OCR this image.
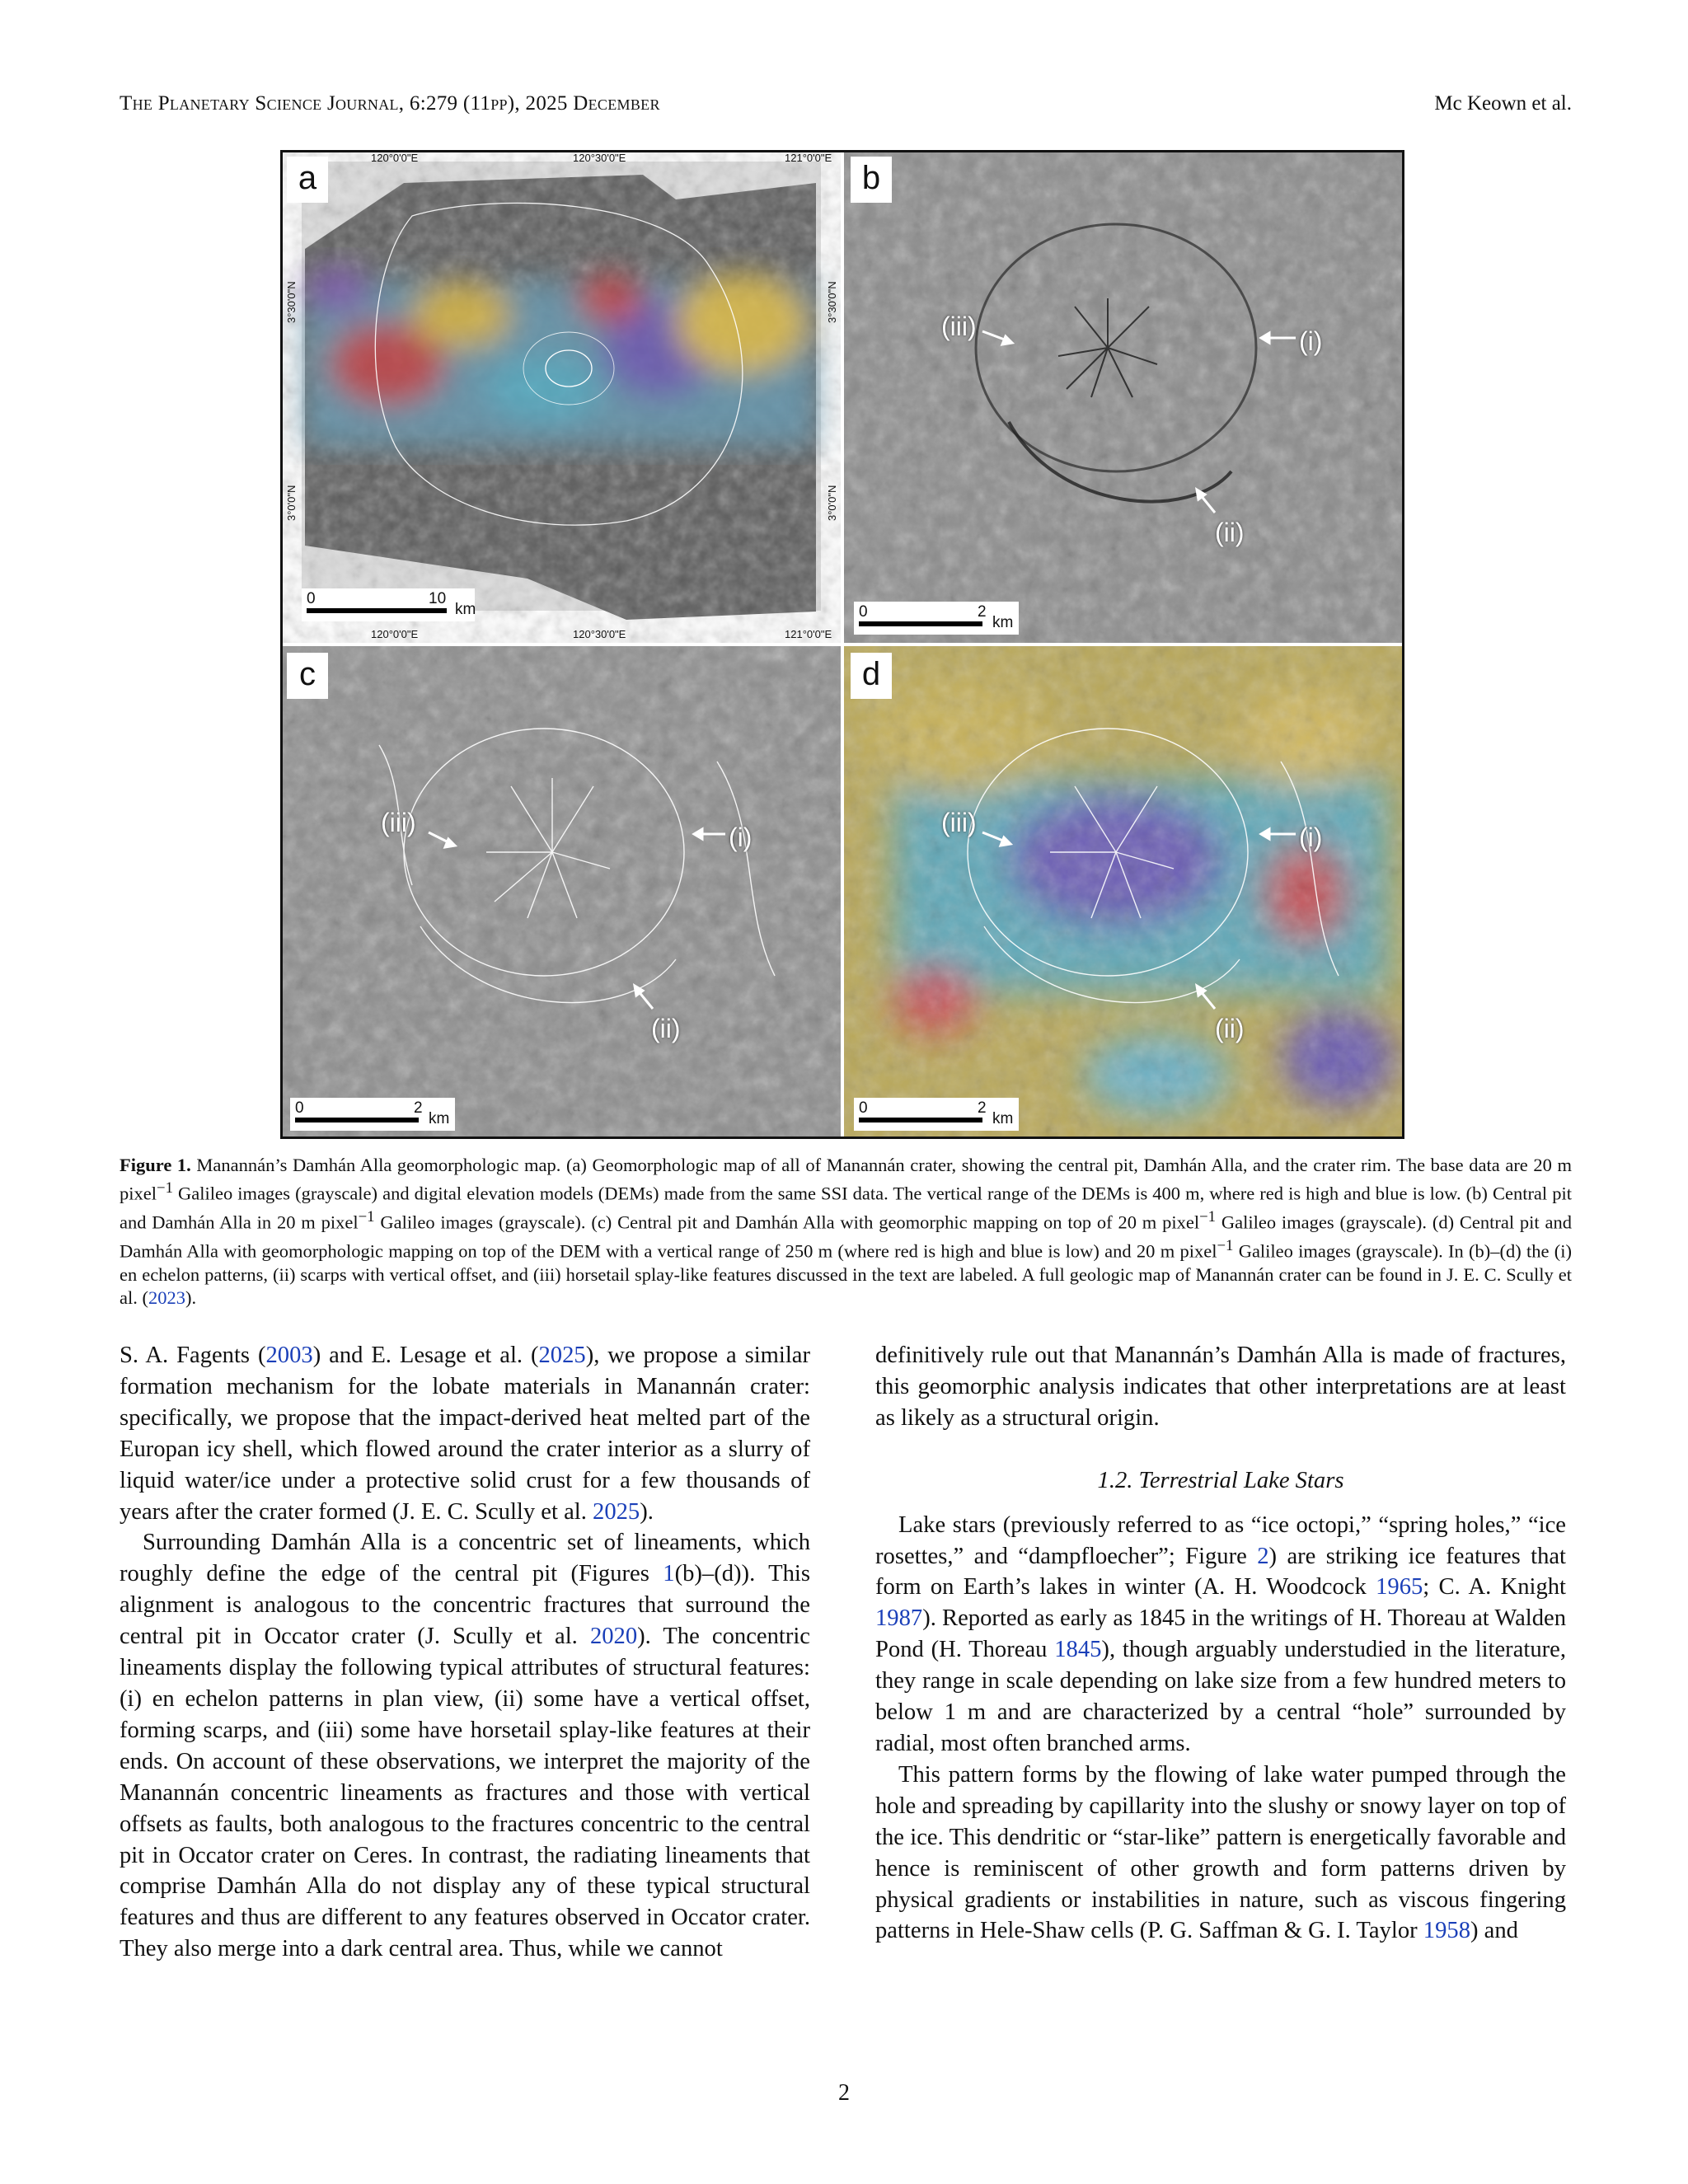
The Planetary Science Journal, 6:279 (11pp), 2025 December	Mc Keown et al.
a
120°0'0"E	120°30'0"E	121°0'0"E
120°0'0"E	120°30'0"E	121°0'0"E
3°30'0"N
3°0'0"N
3°30'0"N
3°0'0"N
0	10
km
b
(iii)	(i)
(ii)
0	2
km
c
(iii)	(i)
(ii)
0	2
km
d
(iii)	(i)
(ii)
0	2
km
Figure 1. Manannán’s Damhán Alla geomorphologic map. (a) Geomorphologic map of all of Manannán crater, showing the central pit, Damhán Alla, and the crater rim. The base data are 20 m pixel$^{-1}$ Galileo images (grayscale) and digital elevation models (DEMs) made from the same SSI data. The vertical range of the DEMs is 400 m, where red is high and blue is low. (b) Central pit and Damhán Alla in 20 m pixel$^{-1}$ Galileo images (grayscale). (c) Central pit and Damhán Alla with geomorphic mapping on top of 20 m pixel$^{-1}$ Galileo images (grayscale). (d) Central pit and Damhán Alla with geomorphologic mapping on top of the DEM with a vertical range of 250 m (where red is high and blue is low) and 20 m pixel$^{-1}$ Galileo images (grayscale). In (b)–(d) the (i) en echelon patterns, (ii) scarps with vertical offset, and (iii) horsetail splay-like features discussed in the text are labeled. A full geologic map of Manannán crater can be found in J. E. C. Scully et al. (2023).

S. A. Fagents (2003) and E. Lesage et al. (2025), we propose a similar formation mechanism for the lobate materials in Manannán crater: specifically, we propose that the impact-derived heat melted part of the Europan icy shell, which flowed around the crater interior as a slurry of liquid water/ice under a protective solid crust for a few thousands of years after the crater formed (J. E. C. Scully et al. 2025).

Surrounding Damhán Alla is a concentric set of lineaments, which roughly define the edge of the central pit (Figures 1(b)–(d)). This alignment is analogous to the concentric fractures that surround the central pit in Occator crater (J. Scully et al. 2020). The concentric lineaments display the following typical attributes of structural features: (i) en echelon patterns in plan view, (ii) some have a vertical offset, forming scarps, and (iii) some have horsetail splay-like features at their ends. On account of these observations, we interpret the majority of the Manannán concentric lineaments as fractures and those with vertical offsets as faults, both analogous to the fractures concentric to the central pit in Occator crater on Ceres. In contrast, the radiating lineaments that comprise Damhán Alla do not display any of these typical structural features and thus are different to any features observed in Occator crater. They also merge into a dark central area. Thus, while we cannot

definitively rule out that Manannán’s Damhán Alla is made of fractures, this geomorphic analysis indicates that other interpretations are at least as likely as a structural origin.

1.2. Terrestrial Lake Stars

Lake stars (previously referred to as “ice octopi,” “spring holes,” “ice rosettes,” and “dampfloecher”; Figure 2) are striking ice features that form on Earth’s lakes in winter (A. H. Woodcock 1965; C. A. Knight 1987). Reported as early as 1845 in the writings of H. Thoreau at Walden Pond (H. Thoreau 1845), though arguably understudied in the literature, they range in scale depending on lake size from a few hundred meters to below 1 m and are characterized by a central “hole” surrounded by radial, most often branched arms.

This pattern forms by the flowing of lake water pumped through the hole and spreading by capillarity into the slushy or snowy layer on top of the ice. This dendritic or “star-like” pattern is energetically favorable and hence is reminiscent of other growth and form patterns driven by physical gradients or instabilities in nature, such as viscous fingering patterns in Hele-Shaw cells (P. G. Saffman & G. I. Taylor 1958) and

2
